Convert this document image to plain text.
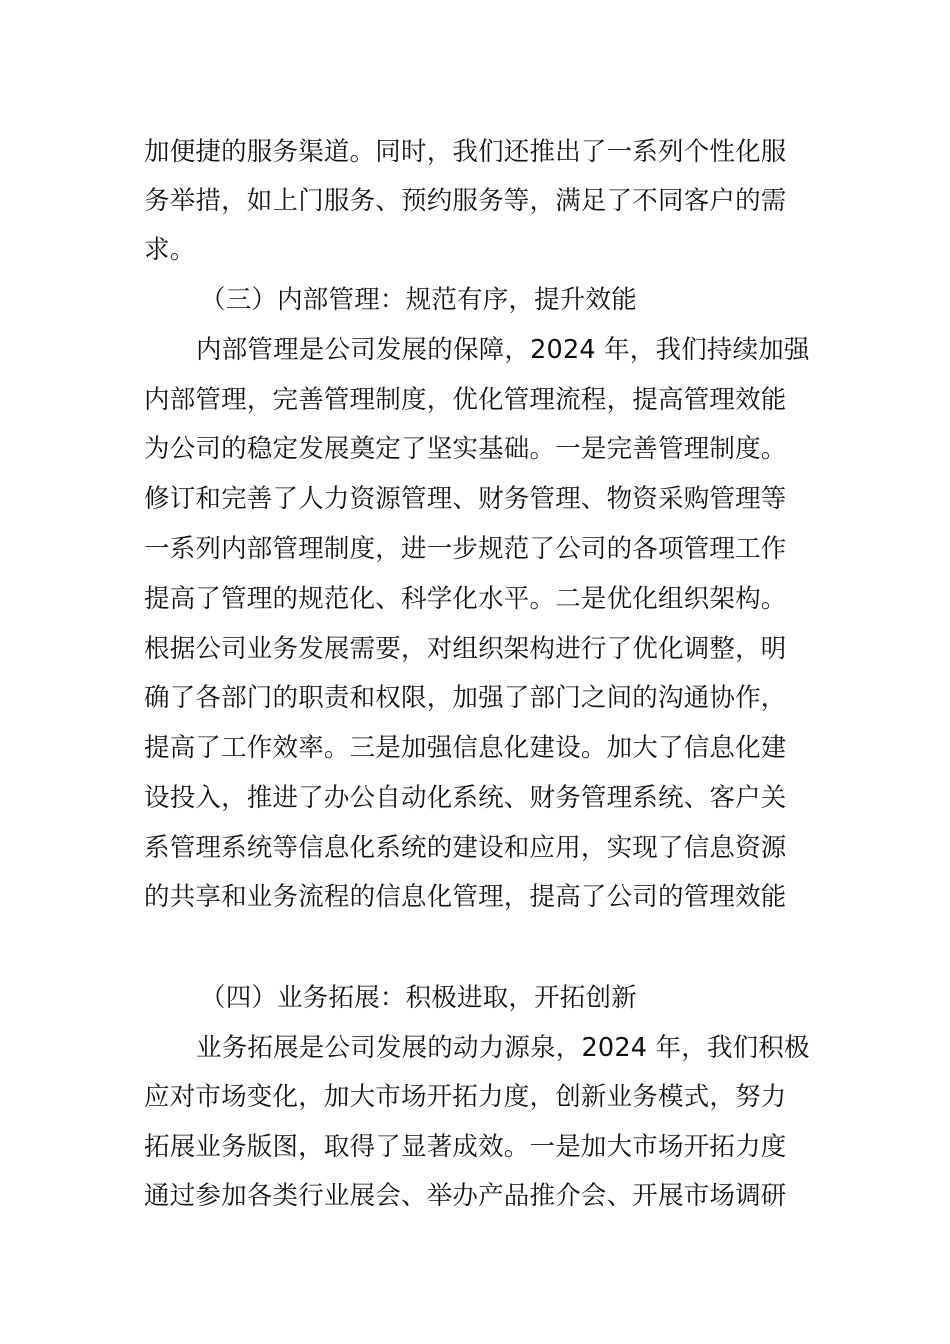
加便捷的服务渠道。同时，我们还推出了一系列个性化服
务举措，如上门服务、预约服务等，满足了不同客户的需
求。
（三）内部管理：规范有序，提升效能
内部管理是公司发展的保障，2024 年，我们持续加强
内部管理，完善管理制度，优化管理流程，提高管理效能
为公司的稳定发展奠定了坚实基础。一是完善管理制度。
修订和完善了人力资源管理、财务管理、物资采购管理等
一系列内部管理制度，进一步规范了公司的各项管理工作
提高了管理的规范化、科学化水平。二是优化组织架构。
根据公司业务发展需要，对组织架构进行了优化调整，明
确了各部门的职责和权限，加强了部门之间的沟通协作，
提高了工作效率。三是加强信息化建设。加大了信息化建
设投入，推进了办公自动化系统、财务管理系统、客户关
系管理系统等信息化系统的建设和应用，实现了信息资源
的共享和业务流程的信息化管理，提高了公司的管理效能
（四）业务拓展：积极进取，开拓创新
业务拓展是公司发展的动力源泉，2024 年，我们积极
应对市场变化，加大市场开拓力度，创新业务模式，努力
拓展业务版图，取得了显著成效。一是加大市场开拓力度
通过参加各类行业展会、举办产品推介会、开展市场调研
